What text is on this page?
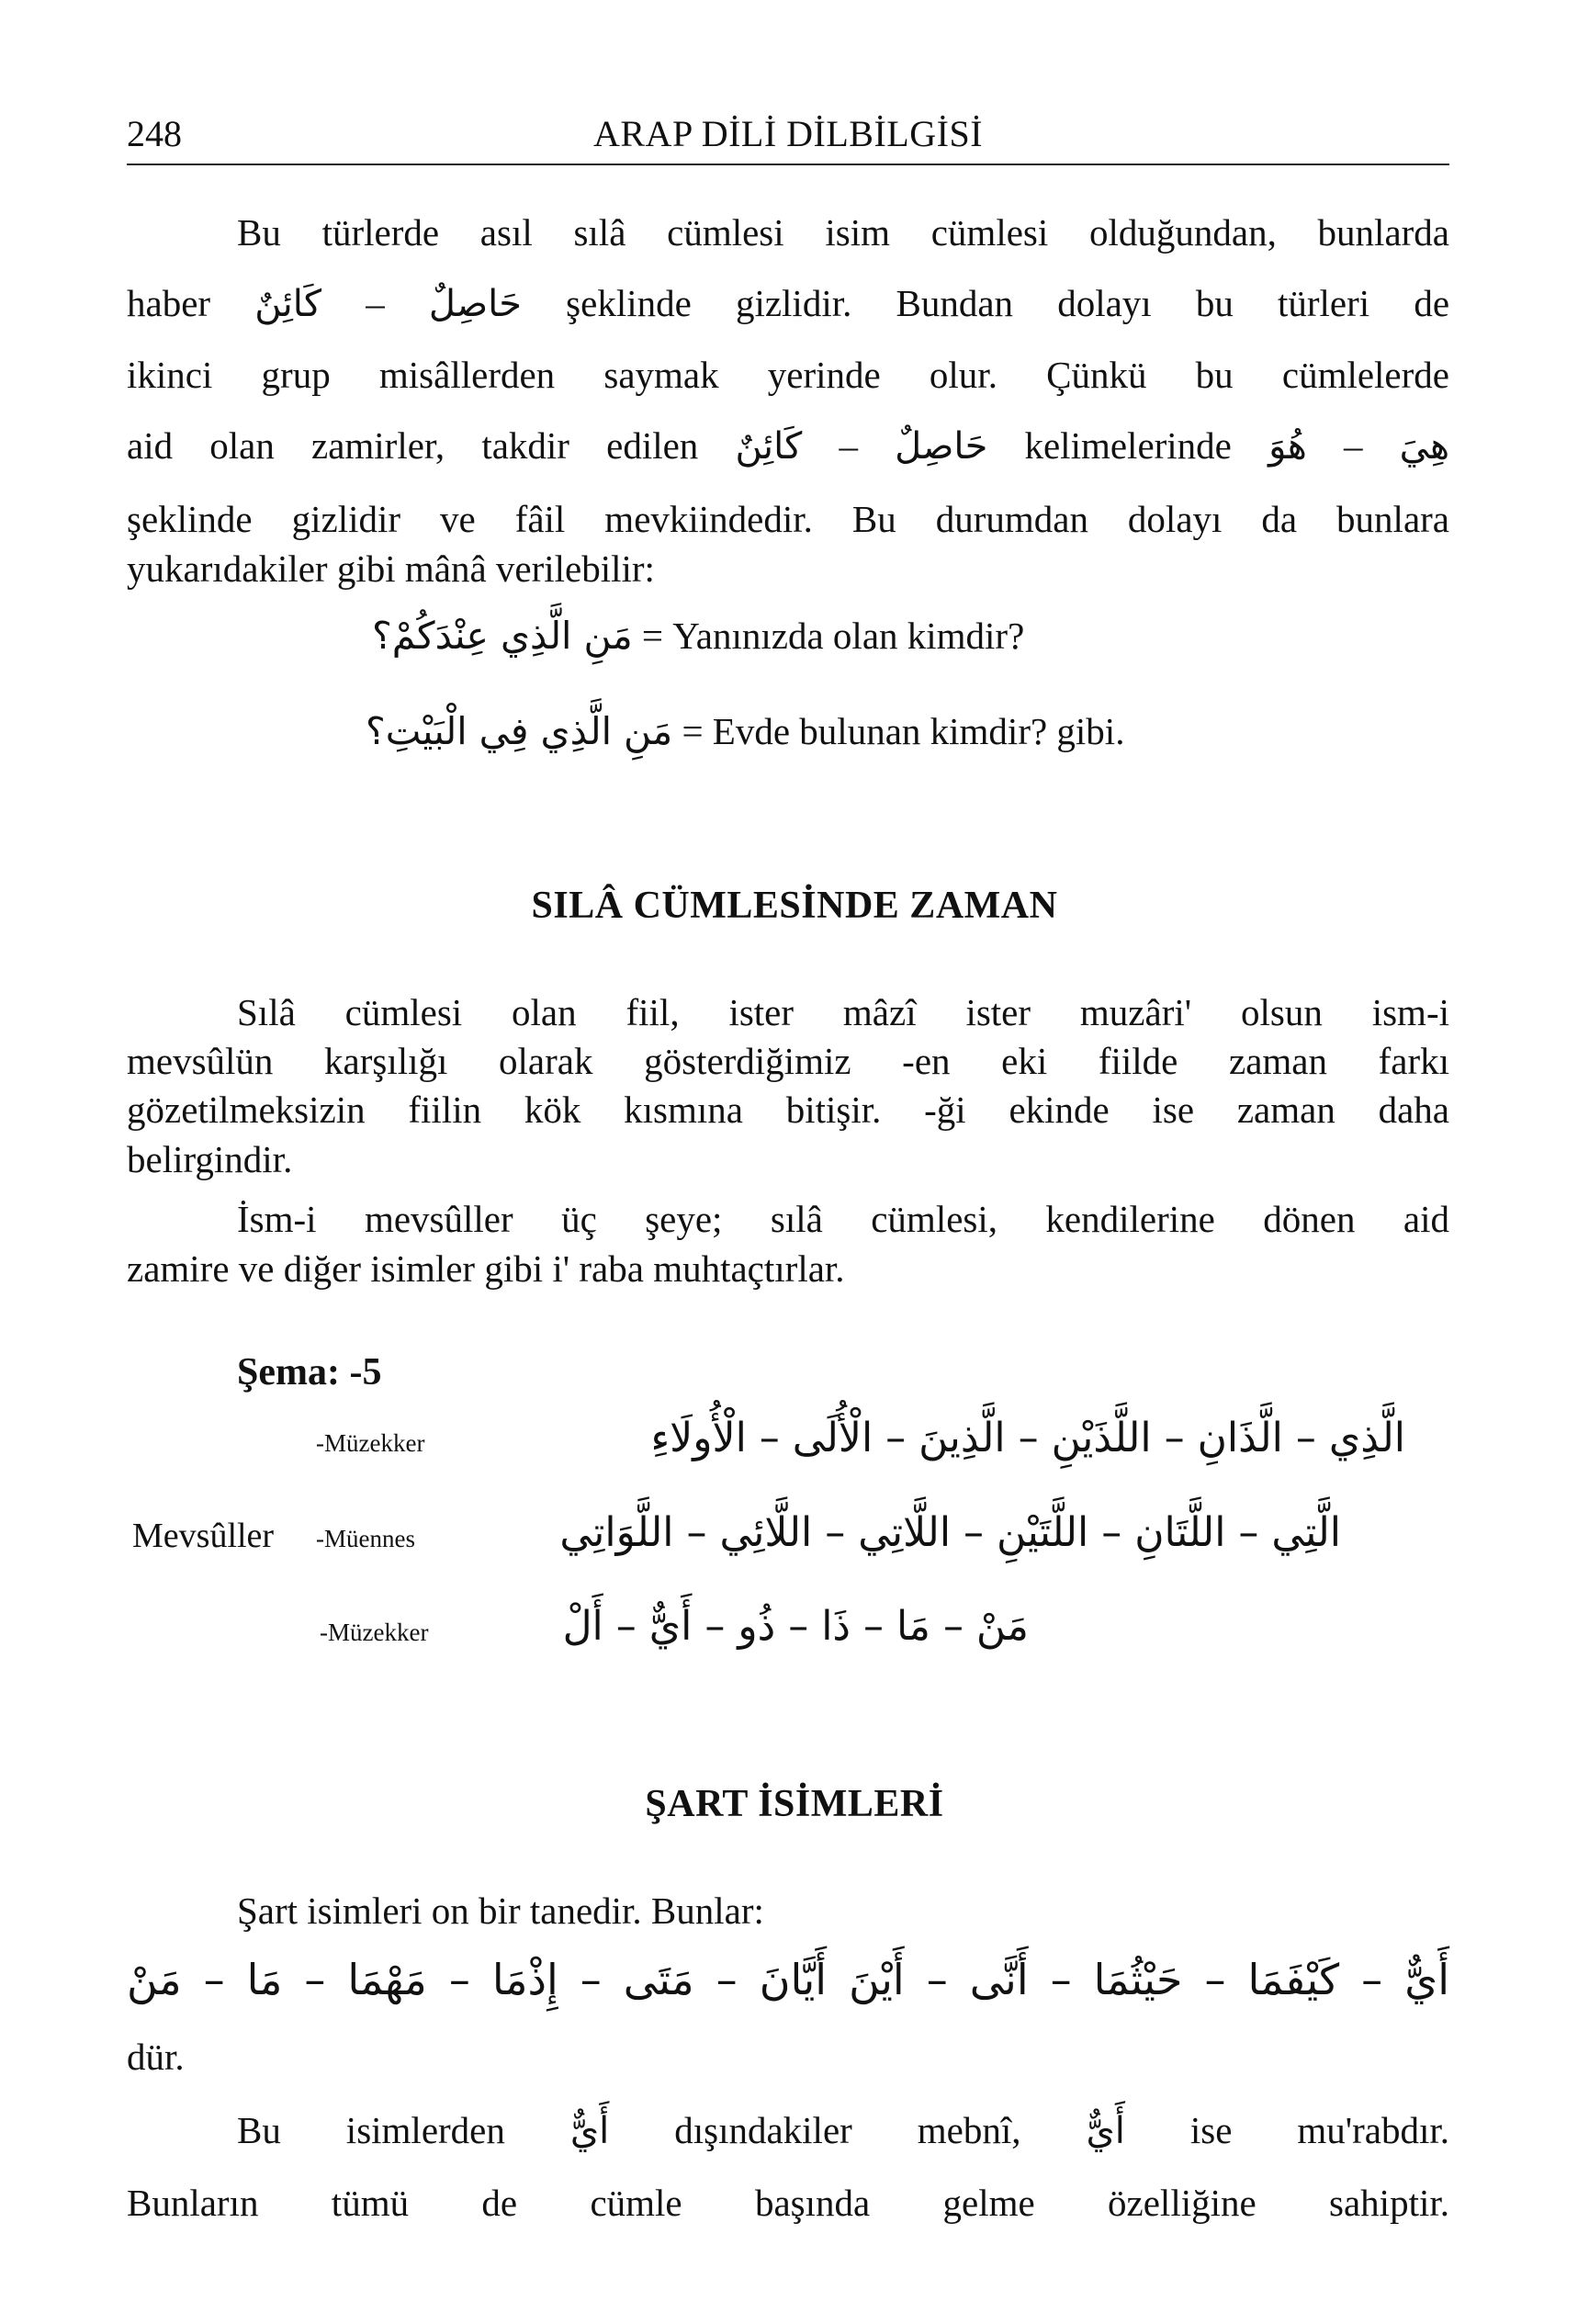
248	ARAP DİLİ DİLBİLGİSİ
Bu türlerde asıl sılâ cümlesi isim cümlesi olduğundan, bunlarda
haber كَائِنٌ – حَاصِلٌ şeklinde gizlidir. Bundan dolayı bu türleri de
ikinci grup misâllerden saymak yerinde olur. Çünkü bu cümlelerde
aid olan zamirler, takdir edilen كَائِنٌ – حَاصِلٌ kelimelerinde هُوَ – هِيَ
şeklinde gizlidir ve fâil mevkiindedir. Bu durumdan dolayı da bunlara
yukarıdakiler gibi mânâ verilebilir:
مَنِ الَّذِي عِنْدَكُمْ؟ = Yanınızda olan kimdir?
مَنِ الَّذِي فِي الْبَيْتِ؟ = Evde bulunan kimdir? gibi.
SILÂ CÜMLESİNDE ZAMAN
Sılâ cümlesi olan fiil, ister mâzî ister muzâri' olsun ism-i
mevsûlün karşılığı olarak gösterdiğimiz -en eki fiilde zaman farkı
gözetilmeksizin fiilin kök kısmına bitişir. -ği ekinde ise zaman daha
belirgindir.
İsm-i mevsûller üç şeye; sılâ cümlesi, kendilerine dönen aid
zamire ve diğer isimler gibi i' raba muhtaçtırlar.
Şema: -5
Mevsûller
-Müzekker	الَّذِي – الَّذَانِ – اللَّذَيْنِ – الَّذِينَ – الْأُلَى – الْأُولَاءِ
-Müennes	الَّتِي – اللَّتَانِ – اللَّتَيْنِ – اللَّاتِي – اللَّائِي – اللَّوَاتِي
-Müzekker	مَنْ – مَا – ذَا – ذُو – أَيٌّ – أَلْ
ŞART İSİMLERİ
Şart isimleri on bir tanedir. Bunlar:
أَيٌّ – كَيْفَمَا – حَيْثُمَا – أَنَّى – أَيْنَ أَيَّانَ – مَتَى – إِذْمَا – مَهْمَا – مَا – مَنْ
dür.
Bu isimlerden أَيٌّ dışındakiler mebnî, أَيٌّ ise mu'rabdır.
Bunların tümü de cümle başında gelme özelliğine sahiptir.
